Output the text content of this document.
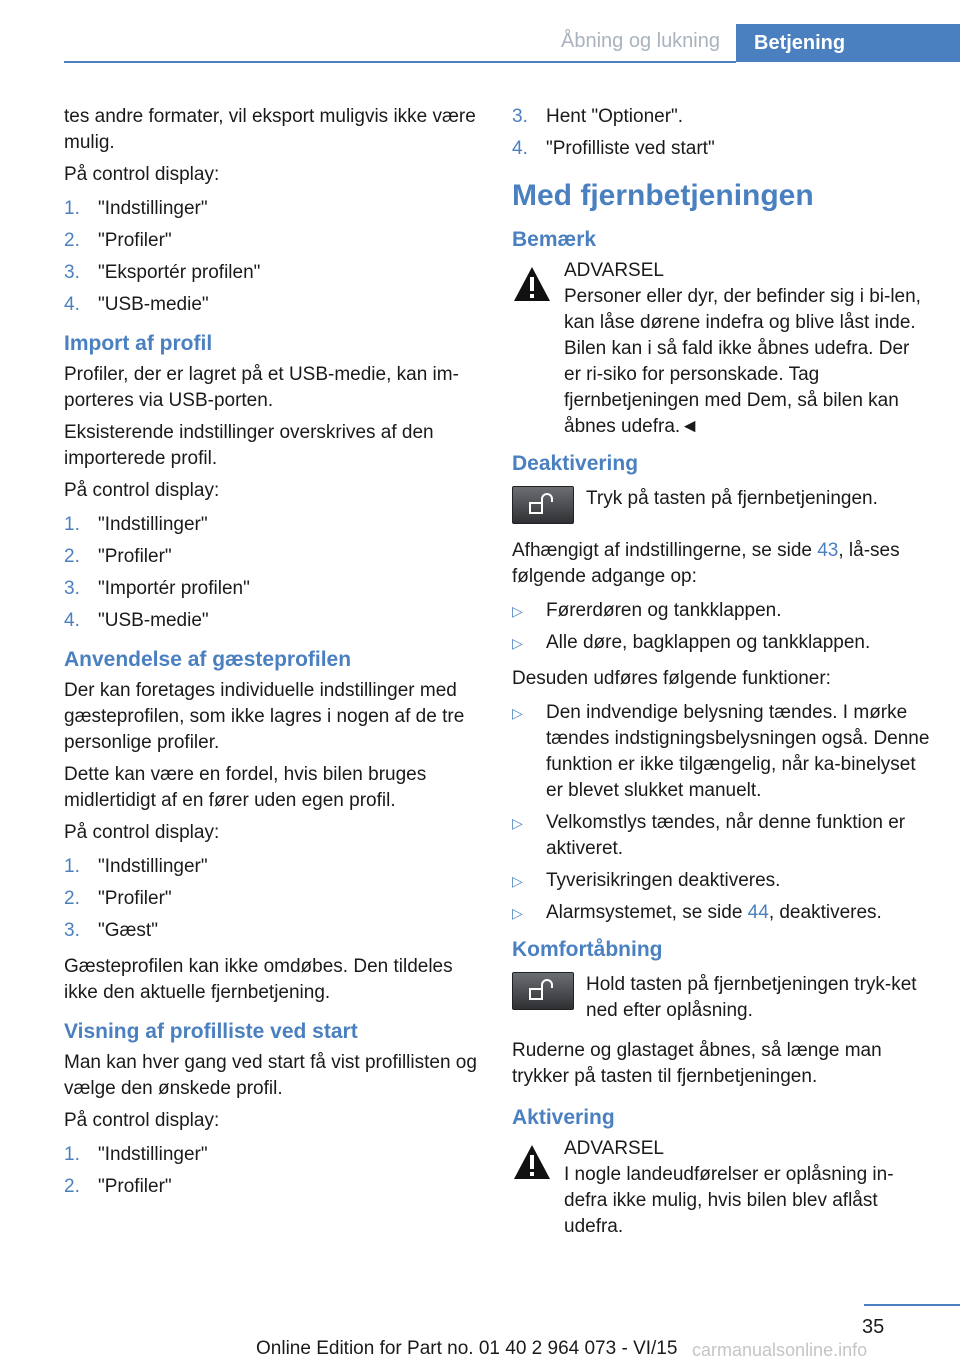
Åbning og lukning	Betjening

tes andre formater, vil eksport muligvis ikke være mulig.

På control display:

1. "Indstillinger"
2. "Profiler"
3. "Eksportér profilen"
4. "USB-medie"
Import af profil

Profiler, der er lagret på et USB-medie, kan im‐porteres via USB-porten.

Eksisterende indstillinger overskrives af den importerede profil.

På control display:

1. "Indstillinger"
2. "Profiler"
3. "Importér profilen"
4. "USB-medie"
Anvendelse af gæsteprofilen

Der kan foretages individuelle indstillinger med gæsteprofilen, som ikke lagres i nogen af de tre personlige profiler.

Dette kan være en fordel, hvis bilen bruges midlertidigt af en fører uden egen profil.

På control display:

1. "Indstillinger"
2. "Profiler"
3. "Gæst"

Gæsteprofilen kan ikke omdøbes. Den tildeles ikke den aktuelle fjernbetjening.

Visning af profilliste ved start

Man kan hver gang ved start få vist profillisten og vælge den ønskede profil.

På control display:

1. "Indstillinger"
2. "Profiler"
3. Hent "Optioner".
4. "Profilliste ved start"
Med fjernbetjeningen
Bemærk
ADVARSEL
Personer eller dyr, der befinder sig i bi‐len, kan låse dørene indefra og blive låst inde. Bilen kan i så fald ikke åbnes udefra. Der er ri‐siko for personskade. Tag fjernbetjeningen med Dem, så bilen kan åbnes udefra.◄
Deaktivering
Tryk på tasten på fjernbetjeningen.

Afhængigt af indstillingerne, se side 43, lå‐ses følgende adgange op:

▷ Førerdøren og tankklappen.
▷ Alle døre, bagklappen og tankklappen.

Desuden udføres følgende funktioner:

▷ Den indvendige belysning tændes. I mørke tændes indstigningsbelysningen også. Denne funktion er ikke tilgængelig, når ka‐binelyset er blevet slukket manuelt.
▷ Velkomstlys tændes, når denne funktion er aktiveret.
▷ Tyverisikringen deaktiveres.
▷ Alarmsystemet, se side 44, deaktiveres.
Komfortåbning
Hold tasten på fjernbetjeningen tryk‐ket ned efter oplåsning.

Ruderne og glastaget åbnes, så længe man trykker på tasten til fjernbetjeningen.

Aktivering
ADVARSEL
I nogle landeudførelser er oplåsning in‐defra ikke mulig, hvis bilen blev aflåst udefra.
35
Online Edition for Part no. 01 40 2 964 073 - VI/15 carmanualsonline.info
